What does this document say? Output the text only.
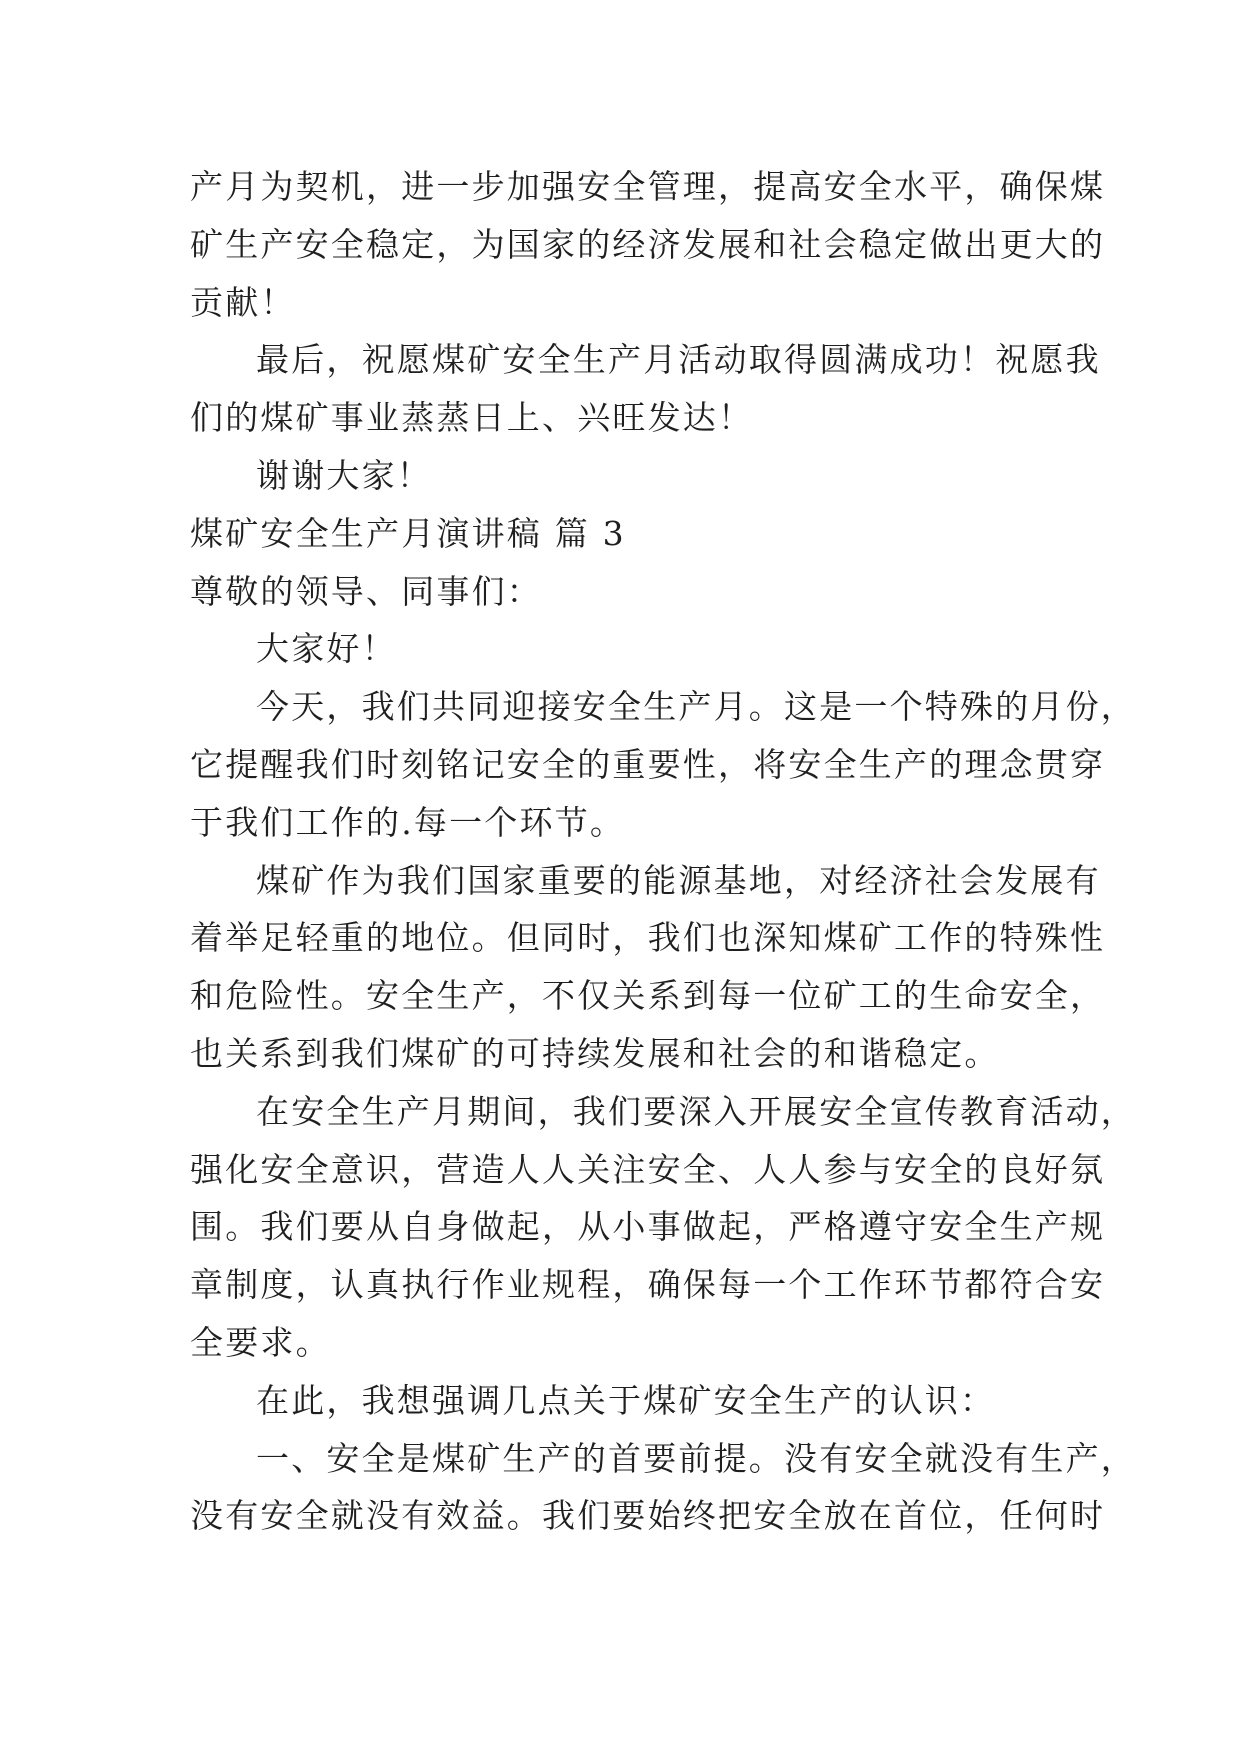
产月为契机，进一步加强安全管理，提高安全水平，确保煤
矿生产安全稳定，为国家的经济发展和社会稳定做出更大的
贡献！
最后，祝愿煤矿安全生产月活动取得圆满成功！祝愿我
们的煤矿事业蒸蒸日上、兴旺发达！
谢谢大家！
煤矿安全生产月演讲稿 篇 3
尊敬的领导、同事们：
大家好！
今天，我们共同迎接安全生产月。这是一个特殊的月份，
它提醒我们时刻铭记安全的重要性，将安全生产的理念贯穿
于我们工作的.每一个环节。
煤矿作为我们国家重要的能源基地，对经济社会发展有
着举足轻重的地位。但同时，我们也深知煤矿工作的特殊性
和危险性。安全生产，不仅关系到每一位矿工的生命安全，
也关系到我们煤矿的可持续发展和社会的和谐稳定。
在安全生产月期间，我们要深入开展安全宣传教育活动，
强化安全意识，营造人人关注安全、人人参与安全的良好氛
围。我们要从自身做起，从小事做起，严格遵守安全生产规
章制度，认真执行作业规程，确保每一个工作环节都符合安
全要求。
在此，我想强调几点关于煤矿安全生产的认识：
一、安全是煤矿生产的首要前提。没有安全就没有生产，
没有安全就没有效益。我们要始终把安全放在首位，任何时
